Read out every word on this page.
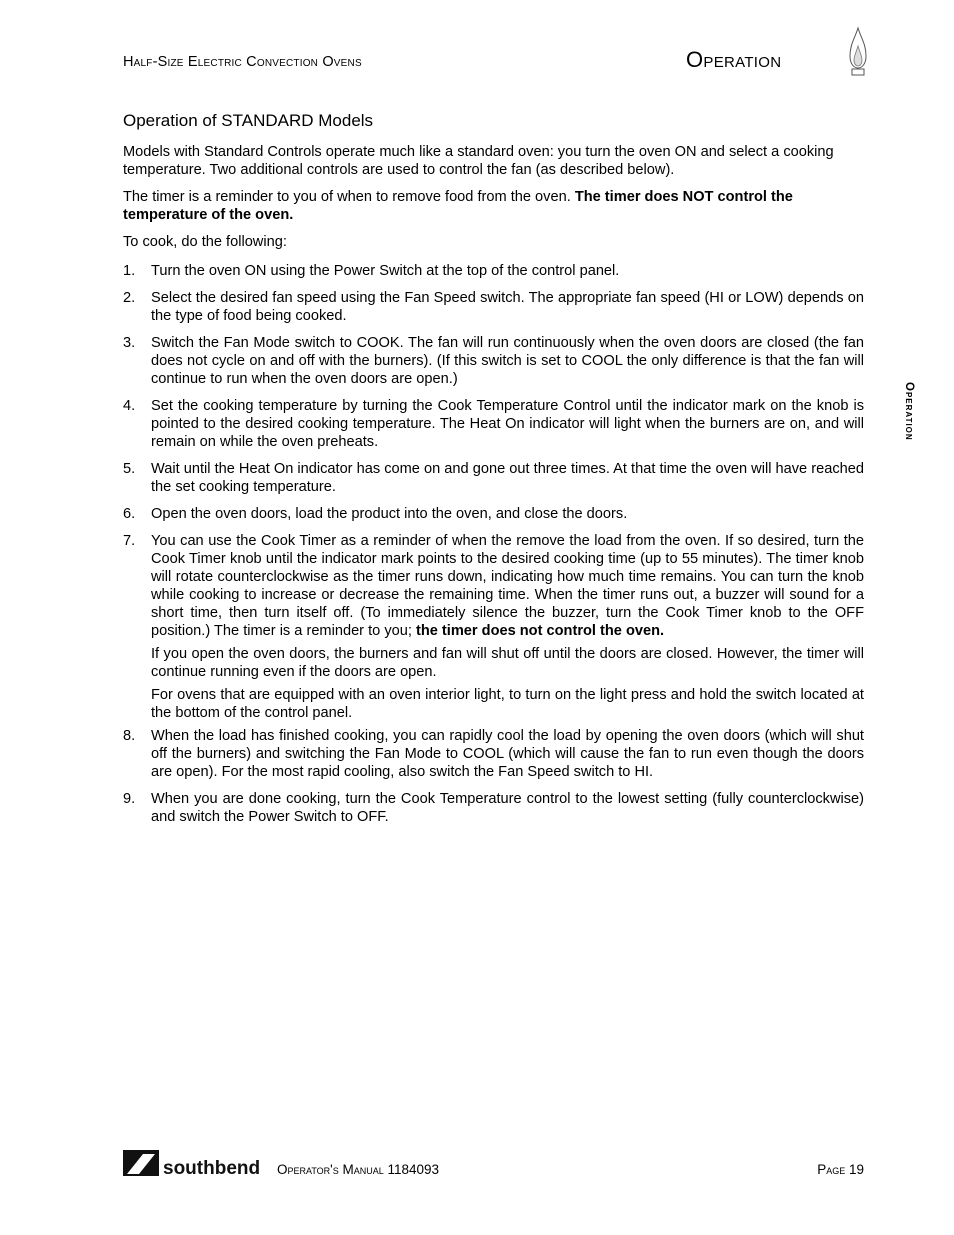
Half-Size Electric Convection Ovens	Operation
Operation
Operation of STANDARD Models

Models with Standard Controls operate much like a standard oven: you turn the oven ON and select a cooking temperature. Two additional controls are used to control the fan (as described below).

The timer is a reminder to you of when to remove food from the oven. The timer does NOT control the temperature of the oven.

To cook, do the following:

1. Turn the oven ON using the Power Switch at the top of the control panel.

2. Select the desired fan speed using the Fan Speed switch. The appropriate fan speed (HI or LOW) depends on the type of food being cooked.

3. Switch the Fan Mode switch to COOK. The fan will run continuously when the oven doors are closed (the fan does not cycle on and off with the burners). (If this switch is set to COOL the only difference is that the fan will continue to run when the oven doors are open.)

4. Set the cooking temperature by turning the Cook Temperature Control until the indicator mark on the knob is pointed to the desired cooking temperature. The Heat On indicator will light when the burners are on, and will remain on while the oven preheats.

5. Wait until the Heat On indicator has come on and gone out three times. At that time the oven will have reached the set cooking temperature.

6. Open the oven doors, load the product into the oven, and close the doors.

7. You can use the Cook Timer as a reminder of when the remove the load from the oven. If so desired, turn the Cook Timer knob until the indicator mark points to the desired cooking time (up to 55 minutes). The timer knob will rotate counterclockwise as the timer runs down, indicating how much time remains. You can turn the knob while cooking to increase or decrease the remaining time. When the timer runs out, a buzzer will sound for a short time, then turn itself off. (To immediately silence the buzzer, turn the Cook Timer knob to the OFF position.) The timer is a reminder to you; the timer does not control the oven.

If you open the oven doors, the burners and fan will shut off until the doors are closed. However, the timer will continue running even if the doors are open.

For ovens that are equipped with an oven interior light, to turn on the light press and hold the switch located at the bottom of the control panel.

8. When the load has finished cooking, you can rapidly cool the load by opening the oven doors (which will shut off the burners) and switching the Fan Mode to COOL (which will cause the fan to run even though the doors are open). For the most rapid cooling, also switch the Fan Speed switch to HI.

9. When you are done cooking, turn the Cook Temperature control to the lowest setting (fully counterclockwise) and switch the Power Switch to OFF.

southbend Operator's Manual 1184093	Page 19
